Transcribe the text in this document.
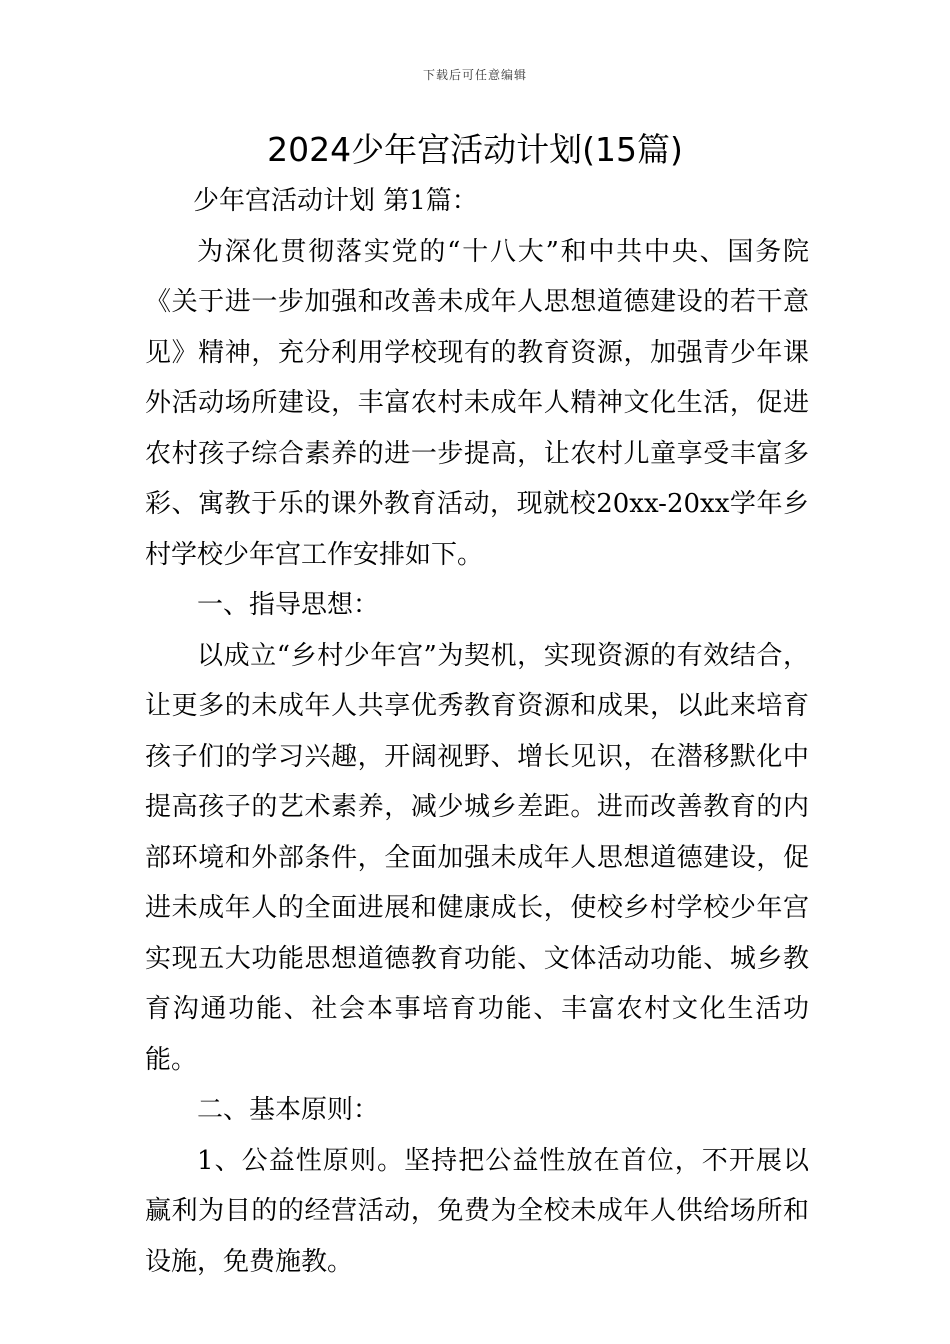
下载后可任意编辑
2024少年宫活动计划(15篇)

少年宫活动计划 第1篇：

为深化贯彻落实党的“十八大”和中共中央、国务院《关于进一步加强和改善未成年人思想道德建设的若干意见》精神，充分利用学校现有的教育资源，加强青少年课外活动场所建设，丰富农村未成年人精神文化生活，促进农村孩子综合素养的进一步提高，让农村儿童享受丰富多彩、寓教于乐的课外教育活动，现就校20xx-20xx学年乡村学校少年宫工作安排如下。

一、指导思想：

以成立“乡村少年宫”为契机，实现资源的有效结合，让更多的未成年人共享优秀教育资源和成果，以此来培育孩子们的学习兴趣，开阔视野、增长见识，在潜移默化中提高孩子的艺术素养，减少城乡差距。进而改善教育的内部环境和外部条件，全面加强未成年人思想道德建设，促进未成年人的全面进展和健康成长，使校乡村学校少年宫实现五大功能思想道德教育功能、文体活动功能、城乡教育沟通功能、社会本事培育功能、丰富农村文化生活功能。

二、基本原则：

1、公益性原则。坚持把公益性放在首位，不开展以赢利为目的的经营活动，免费为全校未成年人供给场所和设施，免费施教。
